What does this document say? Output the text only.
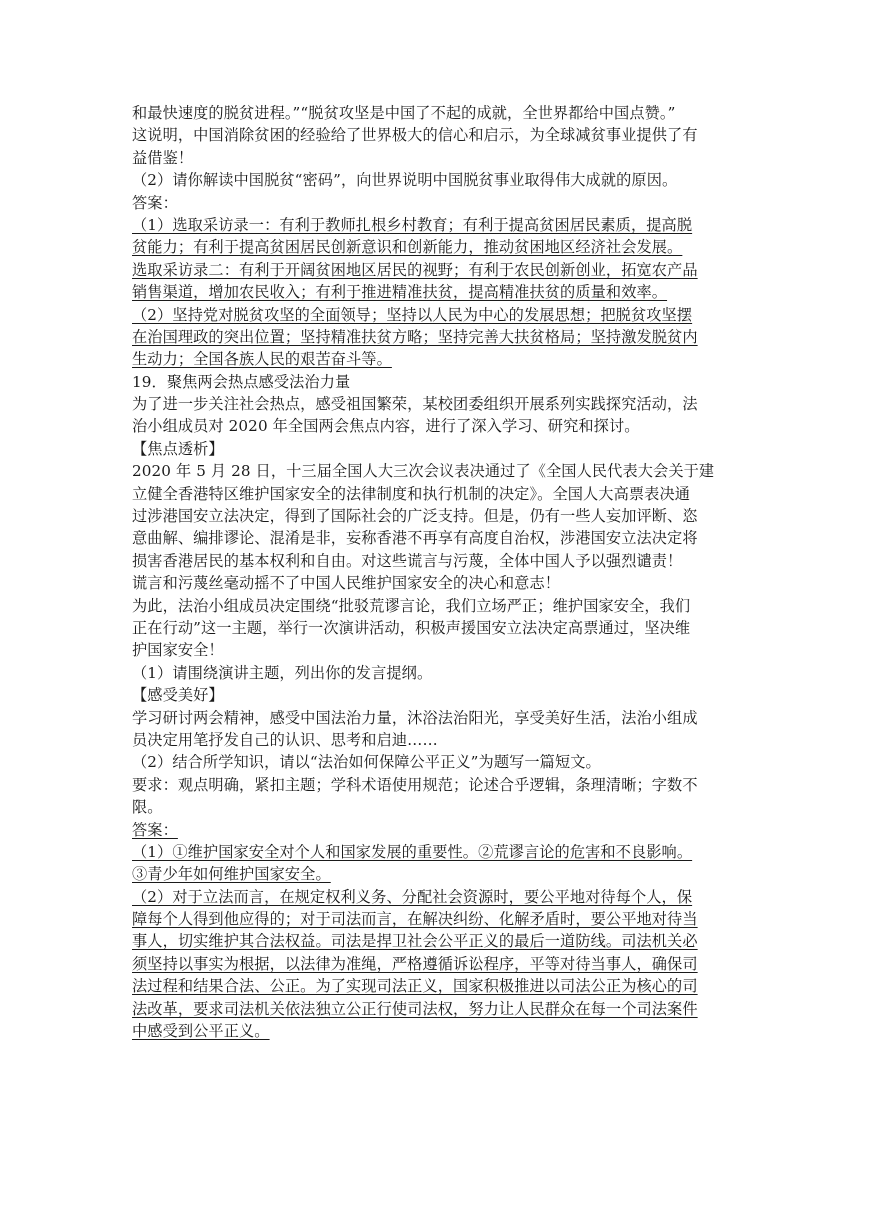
和最快速度的脱贫进程。”“脱贫攻坚是中国了不起的成就，全世界都给中国点赞。”
这说明，中国消除贫困的经验给了世界极大的信心和启示，为全球减贫事业提供了有
益借鉴！
（2）请你解读中国脱贫“密码”，向世界说明中国脱贫事业取得伟大成就的原因。
答案：
（1）选取采访录一：有利于教师扎根乡村教育；有利于提高贫困居民素质，提高脱
贫能力；有利于提高贫困居民创新意识和创新能力，推动贫困地区经济社会发展。
选取采访录二：有利于开阔贫困地区居民的视野；有利于农民创新创业，拓宽农产品
销售渠道，增加农民收入；有利于推进精准扶贫，提高精准扶贫的质量和效率。
（2）坚持党对脱贫攻坚的全面领导；坚持以人民为中心的发展思想；把脱贫攻坚摆
在治国理政的突出位置；坚持精准扶贫方略；坚持完善大扶贫格局；坚持激发脱贫内
生动力；全国各族人民的艰苦奋斗等。
19．聚焦两会热点感受法治力量
为了进一步关注社会热点，感受祖国繁荣，某校团委组织开展系列实践探究活动，法
治小组成员对 2020 年全国两会焦点内容，进行了深入学习、研究和探讨。
【焦点透析】
2020 年 5 月 28 日，十三届全国人大三次会议表决通过了《全国人民代表大会关于建
立健全香港特区维护国家安全的法律制度和执行机制的决定》。全国人大高票表决通
过涉港国安立法决定，得到了国际社会的广泛支持。但是，仍有一些人妄加评断、恣
意曲解、编排谬论、混淆是非，妄称香港不再享有高度自治权，涉港国安立法决定将
损害香港居民的基本权利和自由。对这些谎言与污蔑，全体中国人予以强烈谴责！
谎言和污蔑丝毫动摇不了中国人民维护国家安全的决心和意志！
为此，法治小组成员决定围绕“批驳荒谬言论，我们立场严正；维护国家安全，我们
正在行动”这一主题，举行一次演讲活动，积极声援国安立法决定高票通过，坚决维
护国家安全！
（1）请围绕演讲主题，列出你的发言提纲。
【感受美好】
学习研讨两会精神，感受中国法治力量，沐浴法治阳光，享受美好生活，法治小组成
员决定用笔抒发自己的认识、思考和启迪……
（2）结合所学知识，请以“法治如何保障公平正义”为题写一篇短文。
要求：观点明确，紧扣主题；学科术语使用规范；论述合乎逻辑，条理清晰；字数不
限。
答案：
（1）①维护国家安全对个人和国家发展的重要性。②荒谬言论的危害和不良影响。
③青少年如何维护国家安全。
（2）对于立法而言，在规定权利义务、分配社会资源时，要公平地对待每个人，保
障每个人得到他应得的；对于司法而言，在解决纠纷、化解矛盾时，要公平地对待当
事人，切实维护其合法权益。司法是捍卫社会公平正义的最后一道防线。司法机关必
须坚持以事实为根据，以法律为准绳，严格遵循诉讼程序，平等对待当事人，确保司
法过程和结果合法、公正。为了实现司法正义，国家积极推进以司法公正为核心的司
法改革，要求司法机关依法独立公正行使司法权，努力让人民群众在每一个司法案件
中感受到公平正义。
